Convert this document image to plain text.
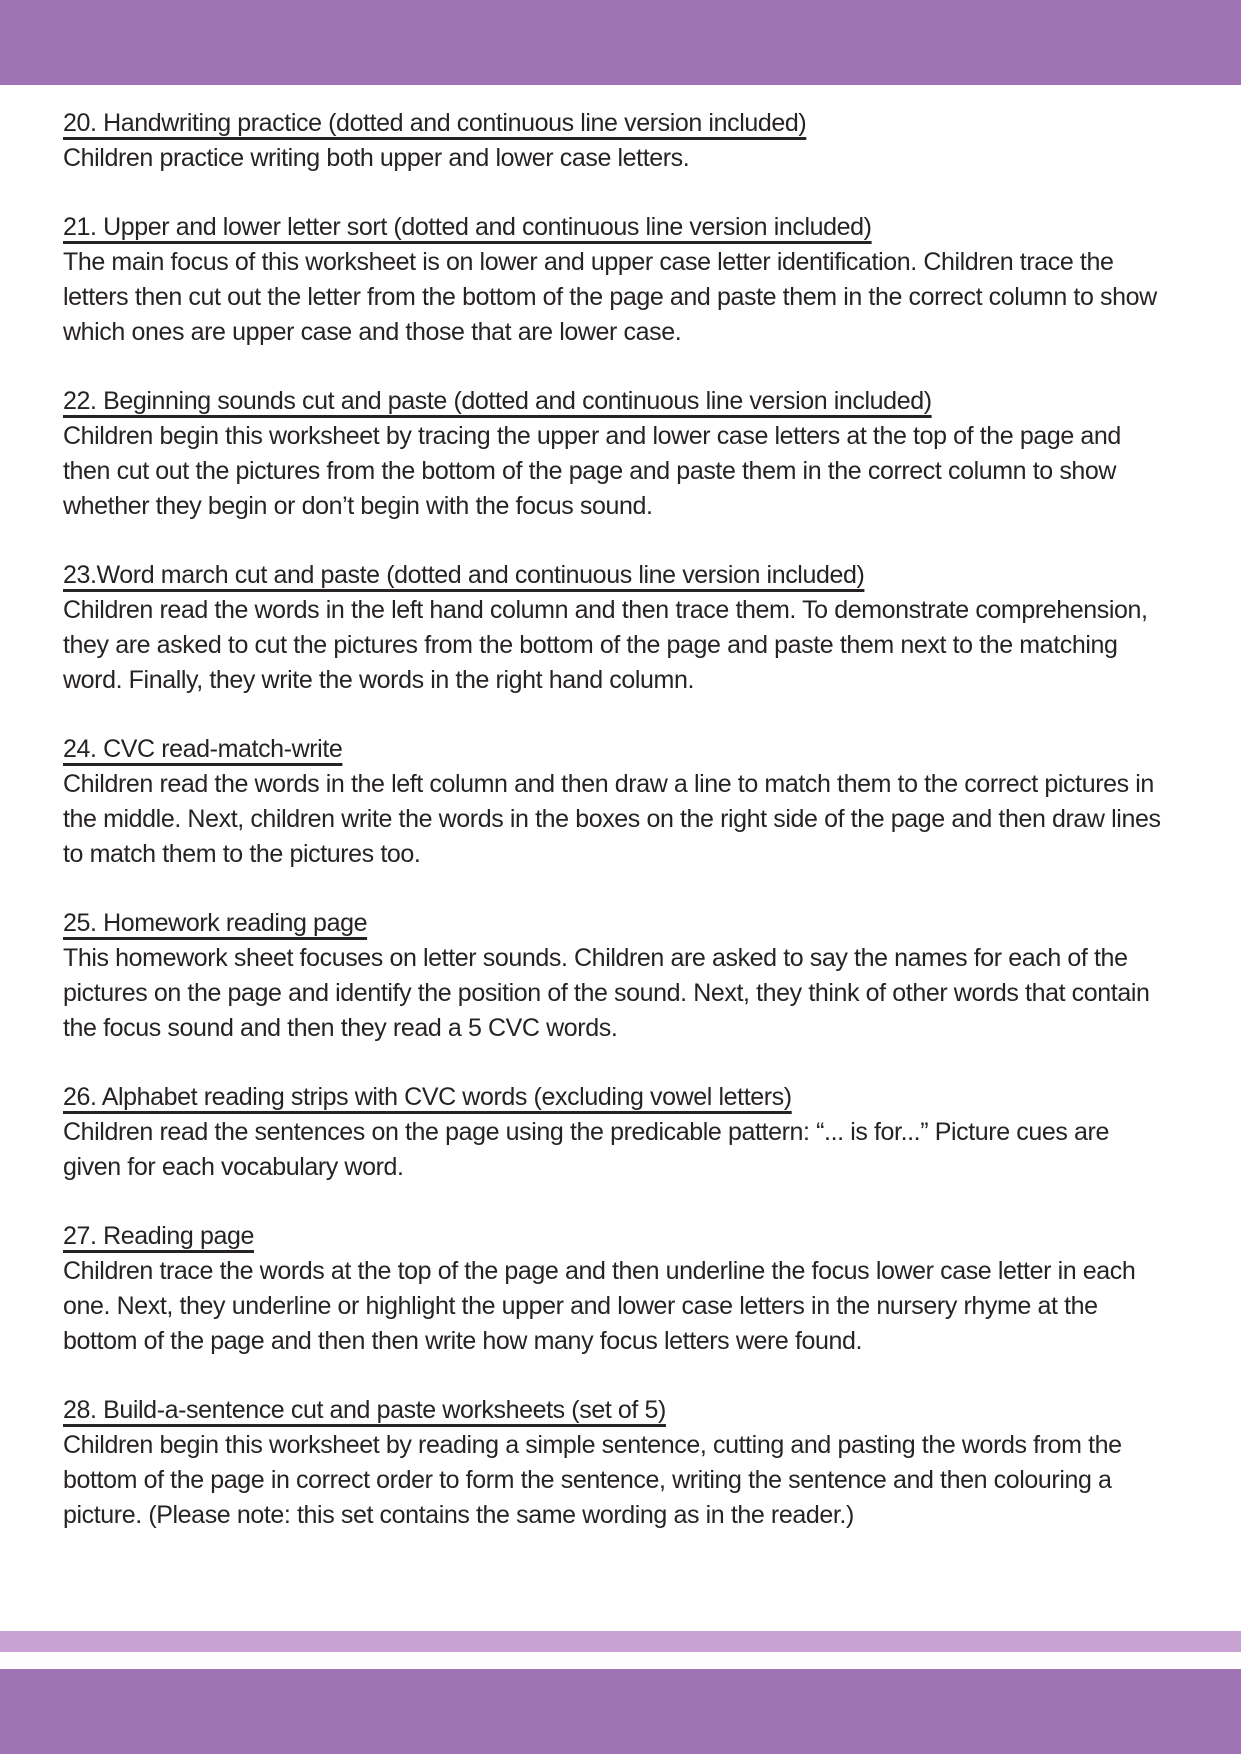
20. Handwriting practice (dotted and continuous line version included)

Children practice writing both upper and lower case letters.

21. Upper and lower letter sort (dotted and continuous line version included)

The main focus of this worksheet is on lower and upper case letter identification. Children trace the letters then cut out the letter from the bottom of the page and paste them in the correct column to show which ones are upper case and those that are lower case.

22. Beginning sounds cut and paste (dotted and continuous line version included)

Children begin this worksheet by tracing the upper and lower case letters at the top of the page and then cut out the pictures from the bottom of the page and paste them in the correct column to show whether they begin or don’t begin with the focus sound.

23.Word march cut and paste (dotted and continuous line version included)

Children read the words in the left hand column and then trace them. To demonstrate comprehension,  they are asked to cut the pictures from the bottom of the page and paste them next to the matching word. Finally, they write the words in the right hand column.

24. CVC read-match-write

Children read the words in the left column and then draw a line to match them to the correct pictures in the middle. Next, children write the words in the boxes on the right side of the page and then draw lines to match them to the pictures too.

25. Homework reading page

This homework sheet focuses on letter sounds. Children are asked to say the names for each of the pictures on the page and identify the position of the sound. Next, they think of other words that contain the focus sound and then they read a 5 CVC words.

26. Alphabet reading strips with CVC words (excluding vowel letters)

Children read the sentences on the page using the predicable pattern: “... is for...” Picture cues are given for each vocabulary word.

27. Reading page

Children trace the words at the top of the page and then underline the focus lower case letter in each one. Next, they underline or highlight the upper and lower case letters in the nursery rhyme at the bottom of the page and then then write how many focus letters were found.

28. Build-a-sentence cut and paste worksheets (set of 5)

Children begin this worksheet by reading a simple sentence, cutting and pasting the words from the bottom of the page in correct order to form the sentence, writing the sentence and then colouring a picture. (Please note: this set contains the same wording as in the reader.)
